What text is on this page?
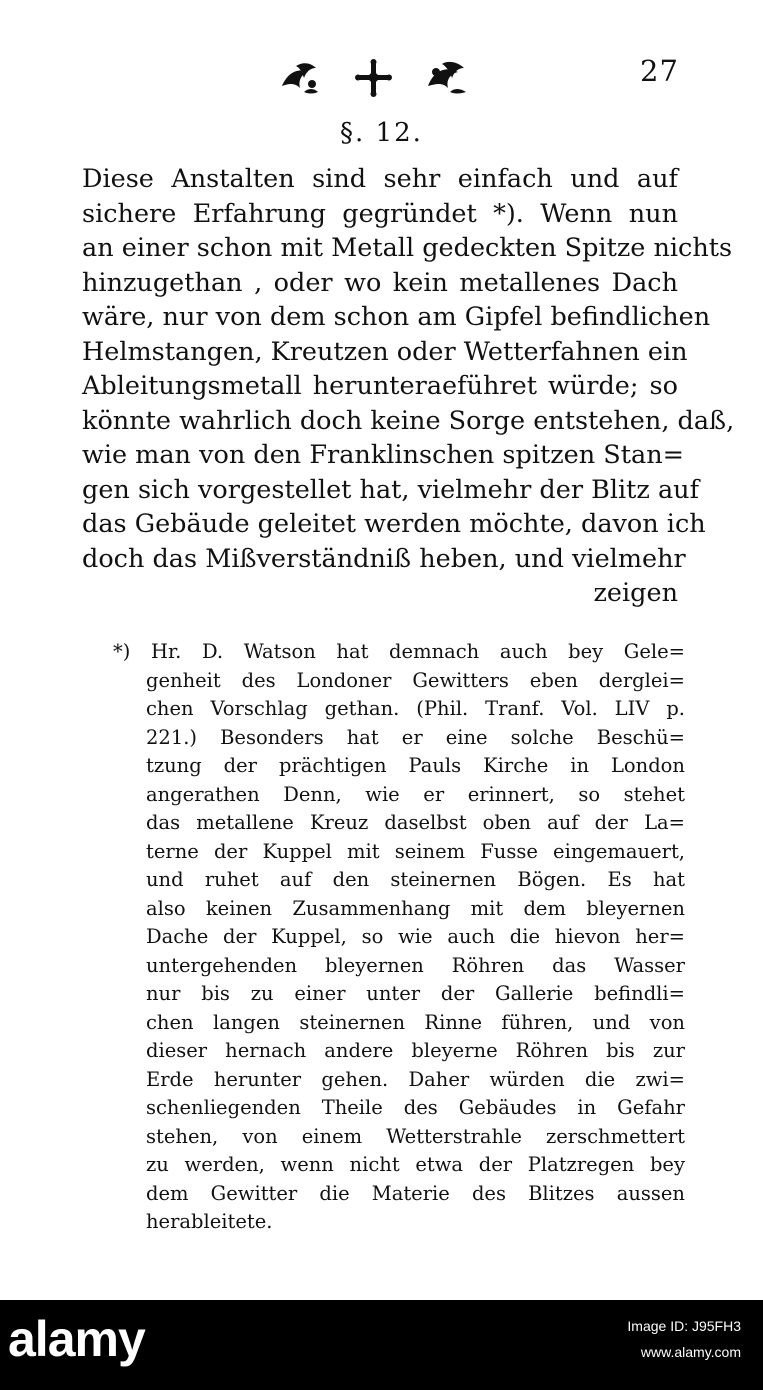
27
§. 12.
Diese Anstalten sind sehr einfach und auf
sichere Erfahrung gegründet *). Wenn nun
an einer schon mit Metall gedeckten Spitze nichts
hinzugethan , oder wo kein metallenes Dach
wäre, nur von dem schon am Gipfel befindlichen
Helmstangen, Kreutzen oder Wetterfahnen ein
Ableitungsmetall herunteraeführet würde; so
könnte wahrlich doch keine Sorge entstehen, daß,
wie man von den Franklinschen spitzen Stan=
gen sich vorgestellet hat, vielmehr der Blitz auf
das Gebäude geleitet werden möchte, davon ich
doch das Mißverständniß heben, und vielmehr
zeigen
*) Hr. D. Watson hat demnach auch bey Gele=
genheit des Londoner Gewitters eben derglei=
chen Vorschlag gethan. (Phil. Tranf. Vol. LIV p.
221.) Besonders hat er eine solche Beschü=
tzung der prächtigen Pauls Kirche in London
angerathen Denn, wie er erinnert, so stehet
das metallene Kreuz daselbst oben auf der La=
terne der Kuppel mit seinem Fusse eingemauert,
und ruhet auf den steinernen Bögen. Es hat
also keinen Zusammenhang mit dem bleyernen
Dache der Kuppel, so wie auch die hievon her=
untergehenden bleyernen Röhren das Wasser
nur bis zu einer unter der Gallerie befindli=
chen langen steinernen Rinne führen, und von
dieser hernach andere bleyerne Röhren bis zur
Erde herunter gehen. Daher würden die zwi=
schenliegenden Theile des Gebäudes in Gefahr
stehen, von einem Wetterstrahle zerschmettert
zu werden, wenn nicht etwa der Platzregen bey
dem Gewitter die Materie des Blitzes aussen
herableitete.
alamy	Image ID: J95FH3
www.alamy.com
